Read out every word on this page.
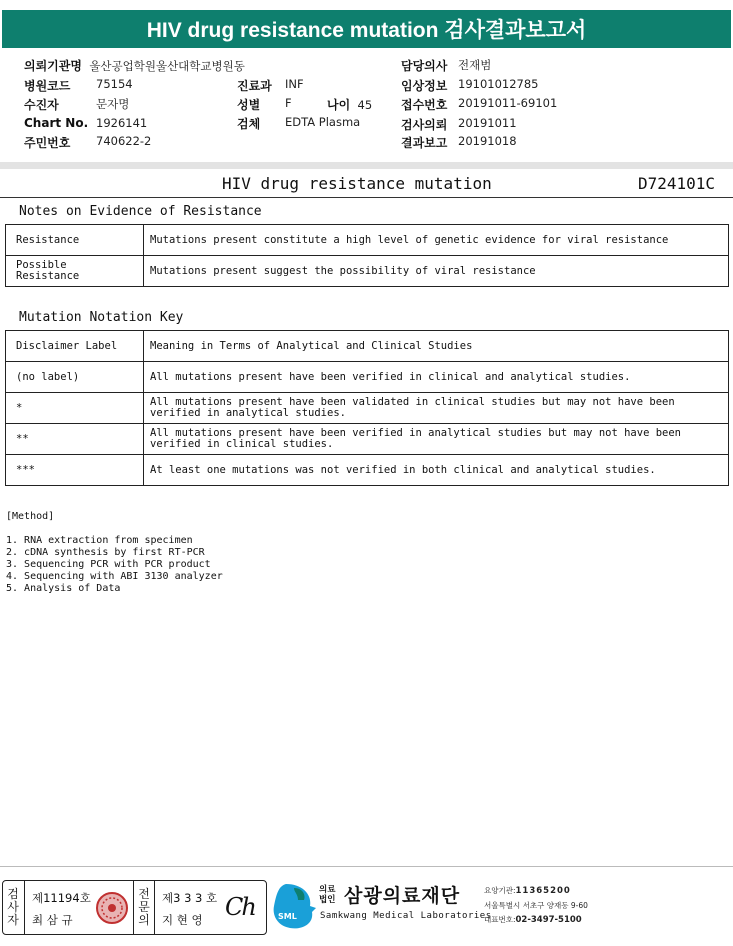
HIV drug resistance mutation 검사결과보고서
의뢰기관명 울산공업학원울산대학교병원동
병원코드 75154
수진자	문자명
Chart No. 1926141
주민번호 740622-2
진료과 INF
성별 F	나이 45
검체 EDTA Plasma
담당의사 전재범
임상정보 19101012785
접수번호 20191011-69101
검사의뢰 20191011
결과보고 20191018
HIV drug resistance mutation	D724101C
Notes on Evidence of Resistance
Resistance	Mutations present constitute a high level of genetic evidence for viral resistance
Possible Resistance	Mutations present suggest the possibility of viral resistance
Mutation Notation Key
Disclaimer Label	Meaning in Terms of Analytical and Clinical Studies
(no label)	All mutations present have been verified in clinical and analytical studies.
*	All mutations present have been validated in clinical studies but may not have been verified in analytical studies.
**	All mutations present have been verified in analytical studies but may not have been verified in clinical studies.
***	At least one mutations was not verified in both clinical and analytical studies.
[Method]
1. RNA extraction from specimen
2. cDNA synthesis by first RT-PCR
3. Sequencing PCR with PCR product
4. Sequencing with ABI 3130 analyzer
5. Analysis of Data
검사자
제11194호
최 삼 규
전문의
제3 3 3 호
지 현 영 Ch	SML
의료법인 삼광의료재단
Samkwang Medical Laboratories
요양기관:11365200
서울특별시 서초구 양재동 9-60
대표번호:02-3497-5100
